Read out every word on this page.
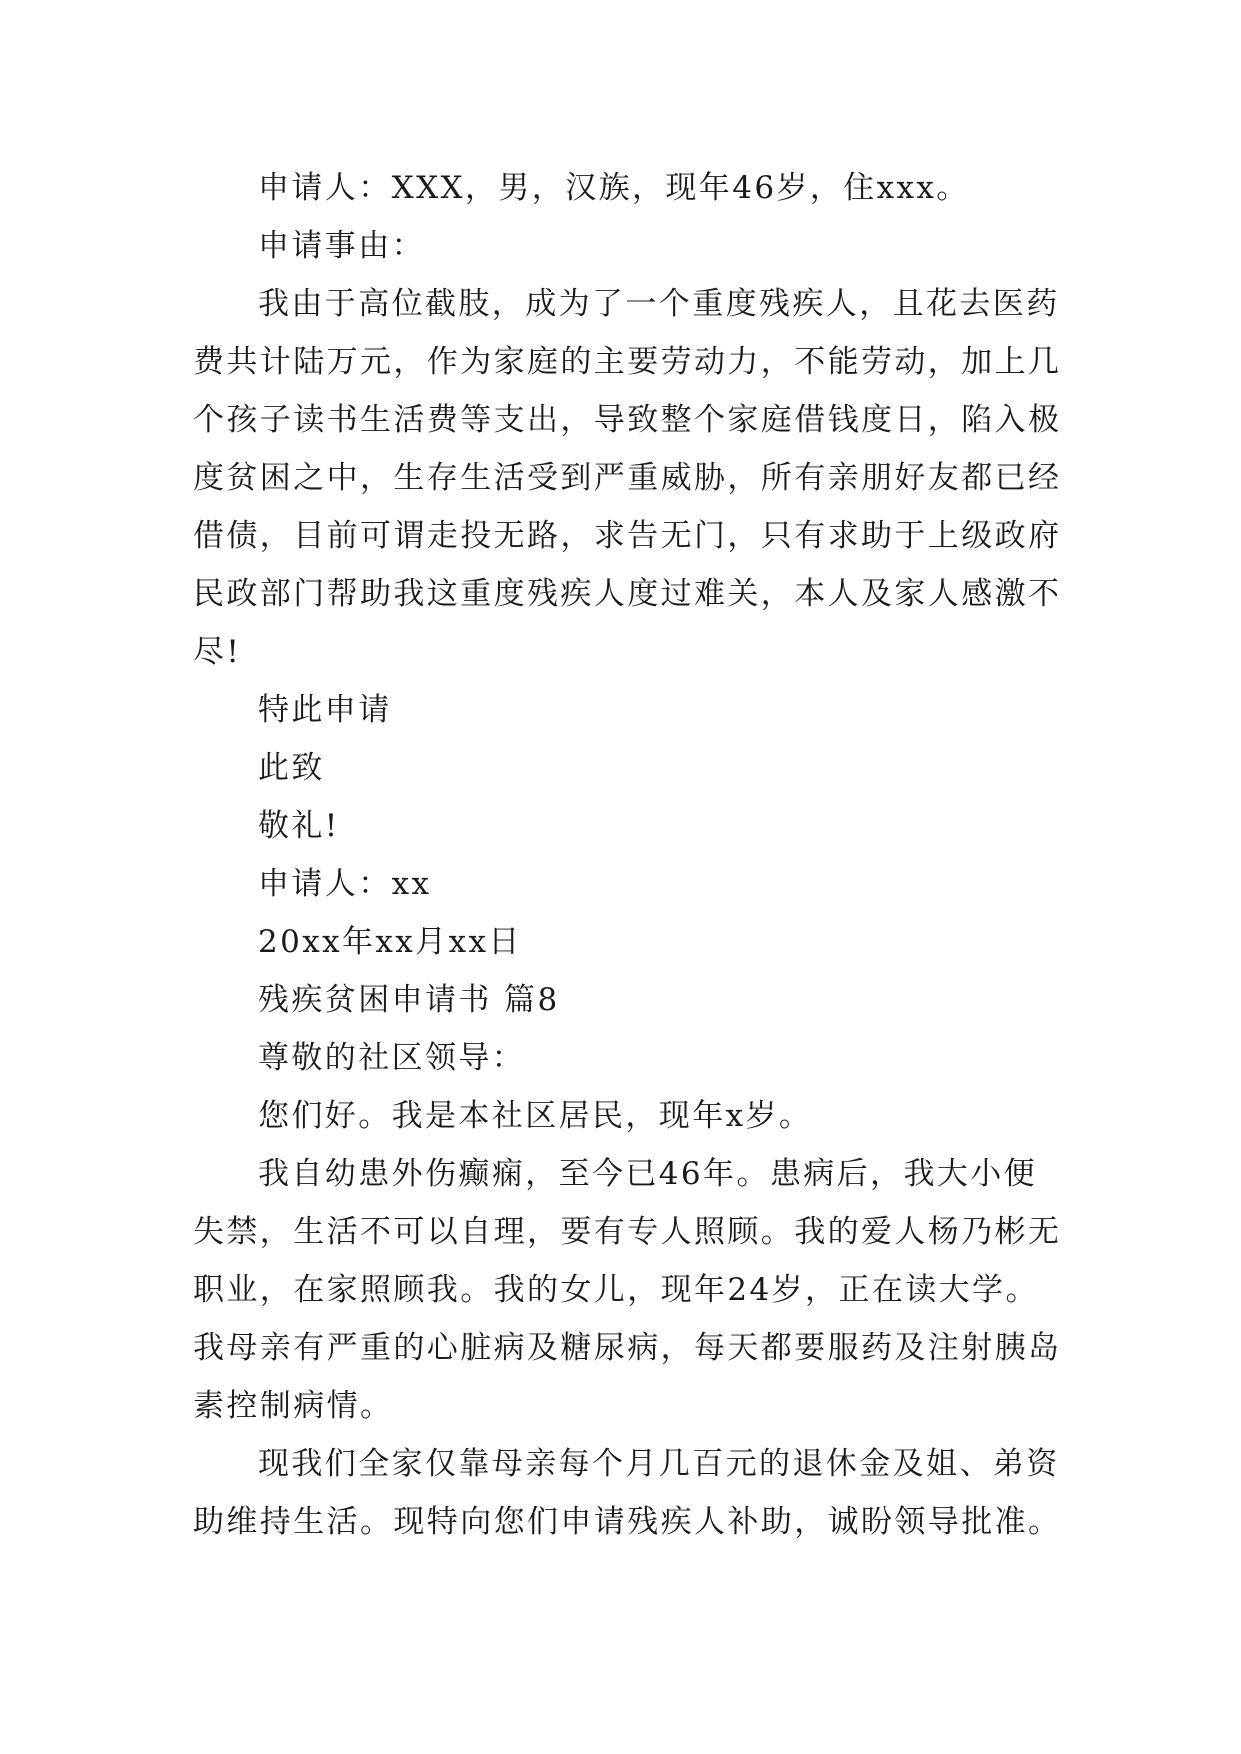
申请人：XXX，男，汉族，现年46岁，住xxx。
申请事由：
我由于高位截肢，成为了一个重度残疾人，且花去医药
费共计陆万元，作为家庭的主要劳动力，不能劳动，加上几
个孩子读书生活费等支出，导致整个家庭借钱度日，陷入极
度贫困之中，生存生活受到严重威胁，所有亲朋好友都已经
借债，目前可谓走投无路，求告无门，只有求助于上级政府
民政部门帮助我这重度残疾人度过难关，本人及家人感激不
尽!
特此申请
此致
敬礼!
申请人：xx
20xx年xx月xx日
残疾贫困申请书 篇8
尊敬的社区领导：
您们好。我是本社区居民，现年x岁。
我自幼患外伤癫痫，至今已46年。患病后，我大小便
失禁，生活不可以自理，要有专人照顾。我的爱人杨乃彬无
职业，在家照顾我。我的女儿，现年24岁，正在读大学。
我母亲有严重的心脏病及糖尿病，每天都要服药及注射胰岛
素控制病情。
现我们全家仅靠母亲每个月几百元的退休金及姐、弟资
助维持生活。现特向您们申请残疾人补助，诚盼领导批准。
